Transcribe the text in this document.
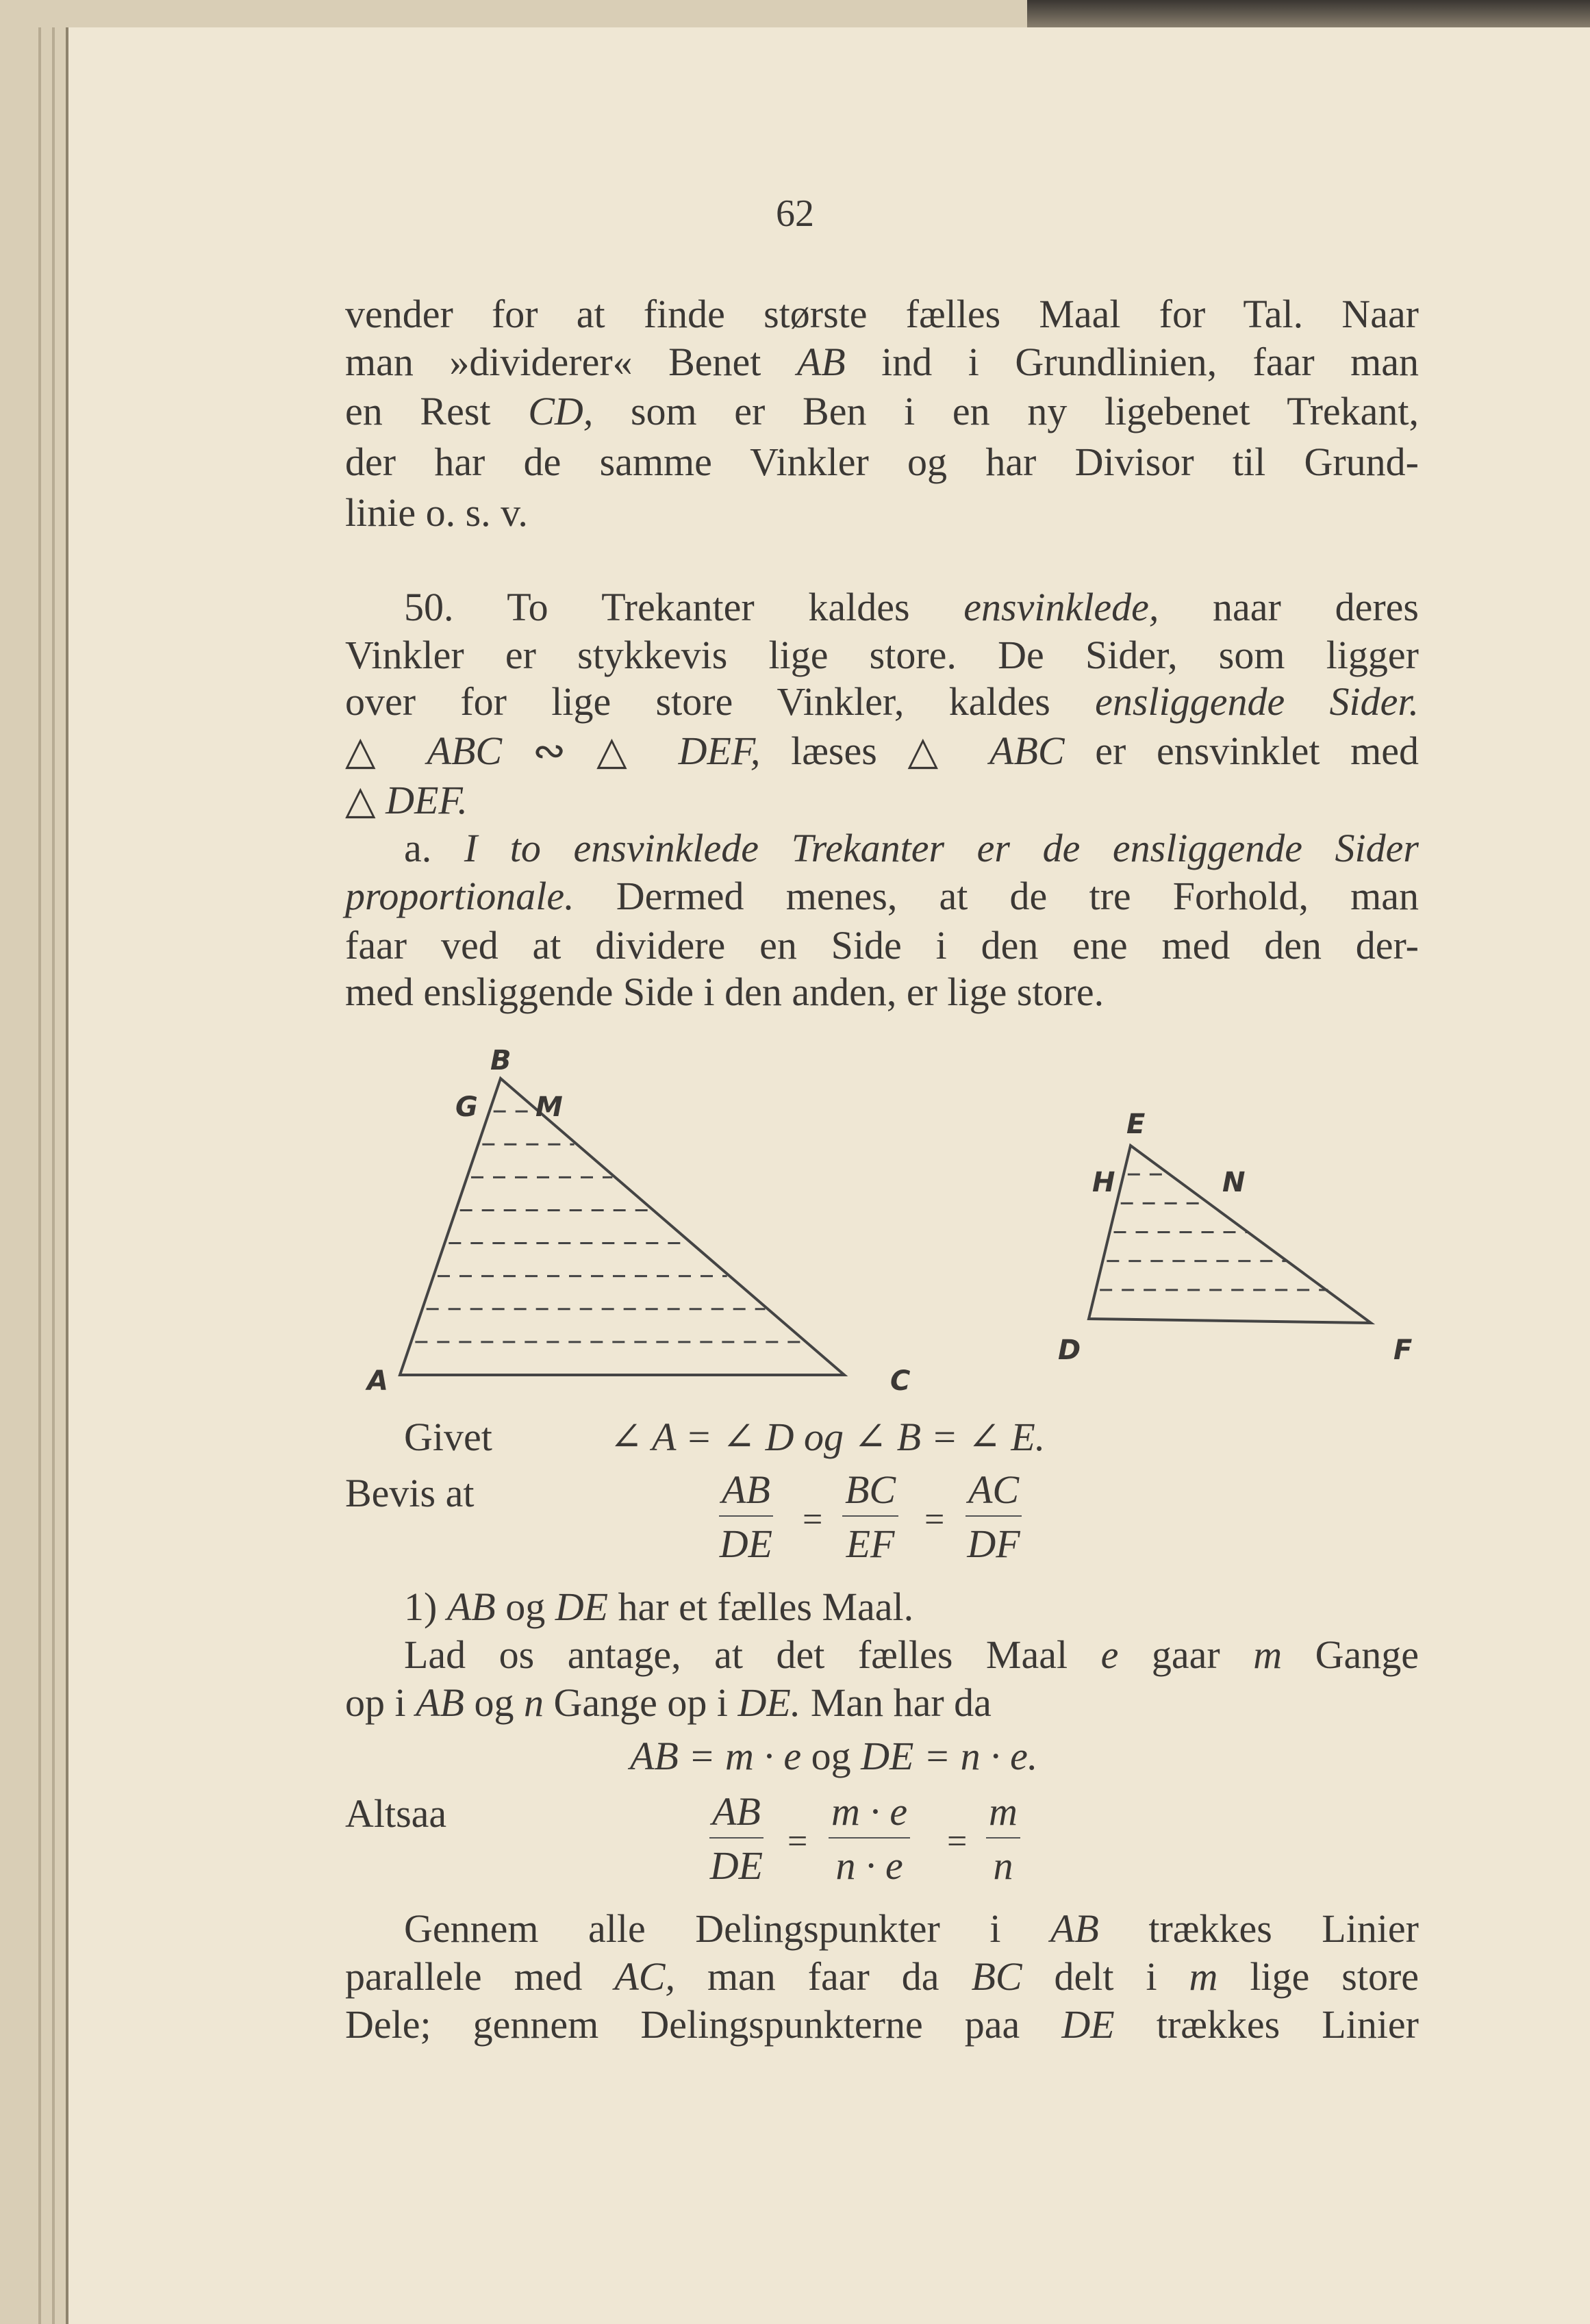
62
vender for at finde største fælles Maal for Tal. Naar
man »dividerer« Benet AB ind i Grundlinien, faar man
en Rest CD, som er Ben i en ny ligebenet Trekant,
der har de samme Vinkler og har Divisor til Grund-
linie o. s. v.
50. To Trekanter kaldes ensvinklede, naar deres
Vinkler er stykkevis lige store. De Sider, som ligger
over for lige store Vinkler, kaldes ensliggende Sider.
△ ABC ∾ △ DEF, læses △ ABC er ensvinklet med
△ DEF.
a. I to ensvinklede Trekanter er de ensliggende Sider
proportionale. Dermed menes, at de tre Forhold, man
faar ved at dividere en Side i den ene med den der-
med ensliggende Side i den anden, er lige store.
Givet
Bevis at
1) AB og DE har et fælles Maal.
Lad os antage, at det fælles Maal e gaar m Gange
op i AB og n Gange op i DE. Man har da
AB = m · e og DE = n · e.
Altsaa
Gennem alle Delingspunkter i AB trækkes Linier
parallele med AC, man faar da BC delt i m lige store
Dele; gennem Delingspunkterne paa DE trækkes Linier
∠ A = ∠ D og ∠ B = ∠ E.
B
G M
A	C
E
H	N
D	F
$\frac{AB}{DE} \frac{BC}{EF} \frac{AC}{DF}$
=	=
$\frac{AB}{DE} \frac{m \cdot e}{n \cdot e} \frac{m}{n}$
=	=
